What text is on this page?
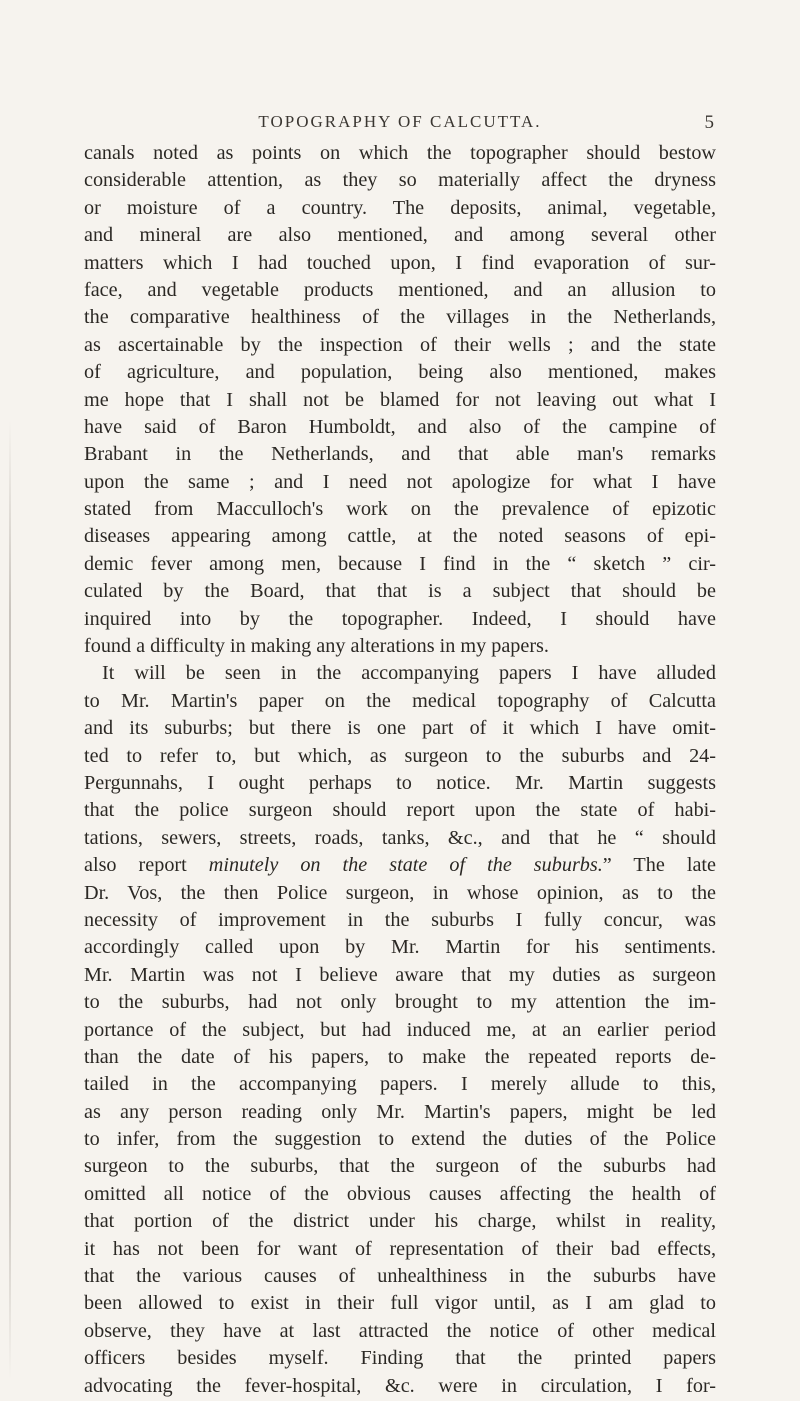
TOPOGRAPHY OF CALCUTTA.	5
canals noted as points on which the topographer should bestow
considerable attention, as they so materially affect the dryness
or moisture of a country. The deposits, animal, vegetable,
and mineral are also mentioned, and among several other
matters which I had touched upon, I find evaporation of sur-
face, and vegetable products mentioned, and an allusion to
the comparative healthiness of the villages in the Netherlands,
as ascertainable by the inspection of their wells ; and the state
of agriculture, and population, being also mentioned, makes
me hope that I shall not be blamed for not leaving out what I
have said of Baron Humboldt, and also of the campine of
Brabant in the Netherlands, and that able man's remarks
upon the same ; and I need not apologize for what I have
stated from Macculloch's work on the prevalence of epizotic
diseases appearing among cattle, at the noted seasons of epi-
demic fever among men, because I find in the “ sketch ” cir-
culated by the Board, that that is a subject that should be
inquired into by the topographer. Indeed, I should have
found a difficulty in making any alterations in my papers.
It will be seen in the accompanying papers I have alluded
to Mr. Martin's paper on the medical topography of Calcutta
and its suburbs; but there is one part of it which I have omit-
ted to refer to, but which, as surgeon to the suburbs and 24-
Pergunnahs, I ought perhaps to notice. Mr. Martin suggests
that the police surgeon should report upon the state of habi-
tations, sewers, streets, roads, tanks, &c., and that he “ should
also report minutely on the state of the suburbs.” The late
Dr. Vos, the then Police surgeon, in whose opinion, as to the
necessity of improvement in the suburbs I fully concur, was
accordingly called upon by Mr. Martin for his sentiments.
Mr. Martin was not I believe aware that my duties as surgeon
to the suburbs, had not only brought to my attention the im-
portance of the subject, but had induced me, at an earlier period
than the date of his papers, to make the repeated reports de-
tailed in the accompanying papers. I merely allude to this,
as any person reading only Mr. Martin's papers, might be led
to infer, from the suggestion to extend the duties of the Police
surgeon to the suburbs, that the surgeon of the suburbs had
omitted all notice of the obvious causes affecting the health of
that portion of the district under his charge, whilst in reality,
it has not been for want of representation of their bad effects,
that the various causes of unhealthiness in the suburbs have
been allowed to exist in their full vigor until, as I am glad to
observe, they have at last attracted the notice of other medical
officers besides myself. Finding that the printed papers
advocating the fever-hospital, &c. were in circulation, I for-
